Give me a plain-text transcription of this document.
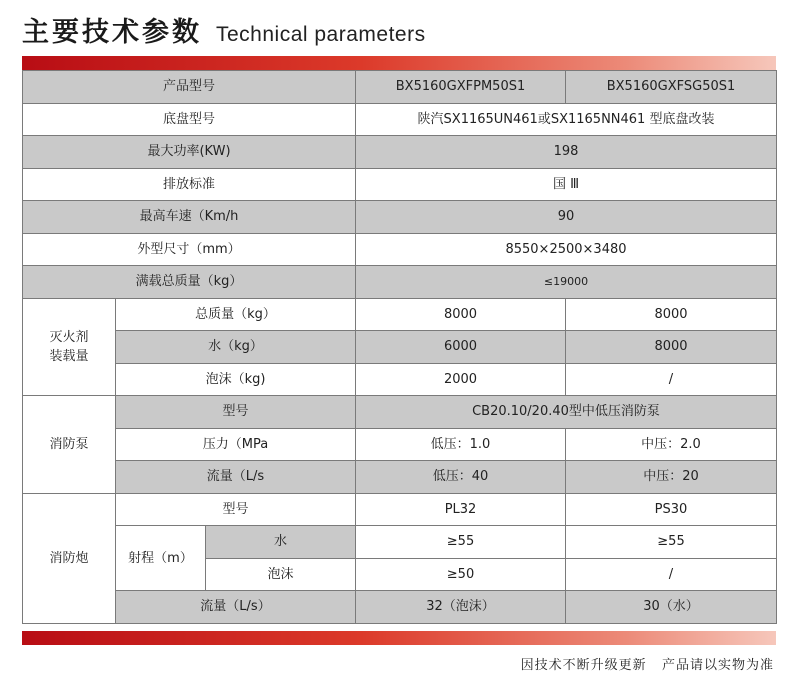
主要技术参数 Technical parameters
产品型号			BX5160GXFPM50S1	BX5160GXFSG50S1
底盘型号			陕汽SX1165UN461或SX1165NN461 型底盘改装	
最大功率(KW)			198	
排放标准			国 Ⅲ	
最高车速（Km/h			90	
外型尺寸（mm）			8550×2500×3480	
满载总质量（kg）			≤19000	
灭火剂
装载量	总质量（kg）		8000	8000
	水（kg）		6000	8000
	泡沫（kg)		2000	/
消防泵	型号		CB20.10/20.40型中低压消防泵	
	压力（MPa		低压：1.0	中压：2.0
	流量（L/s		低压：40	中压：20
消防炮	型号		PL32	PS30
	射程（m）	水	≥55	≥55
		泡沫	≥50	/
	流量（L/s）		32（泡沫）	30（水）
因技术不断升级更新   产品请以实物为准
